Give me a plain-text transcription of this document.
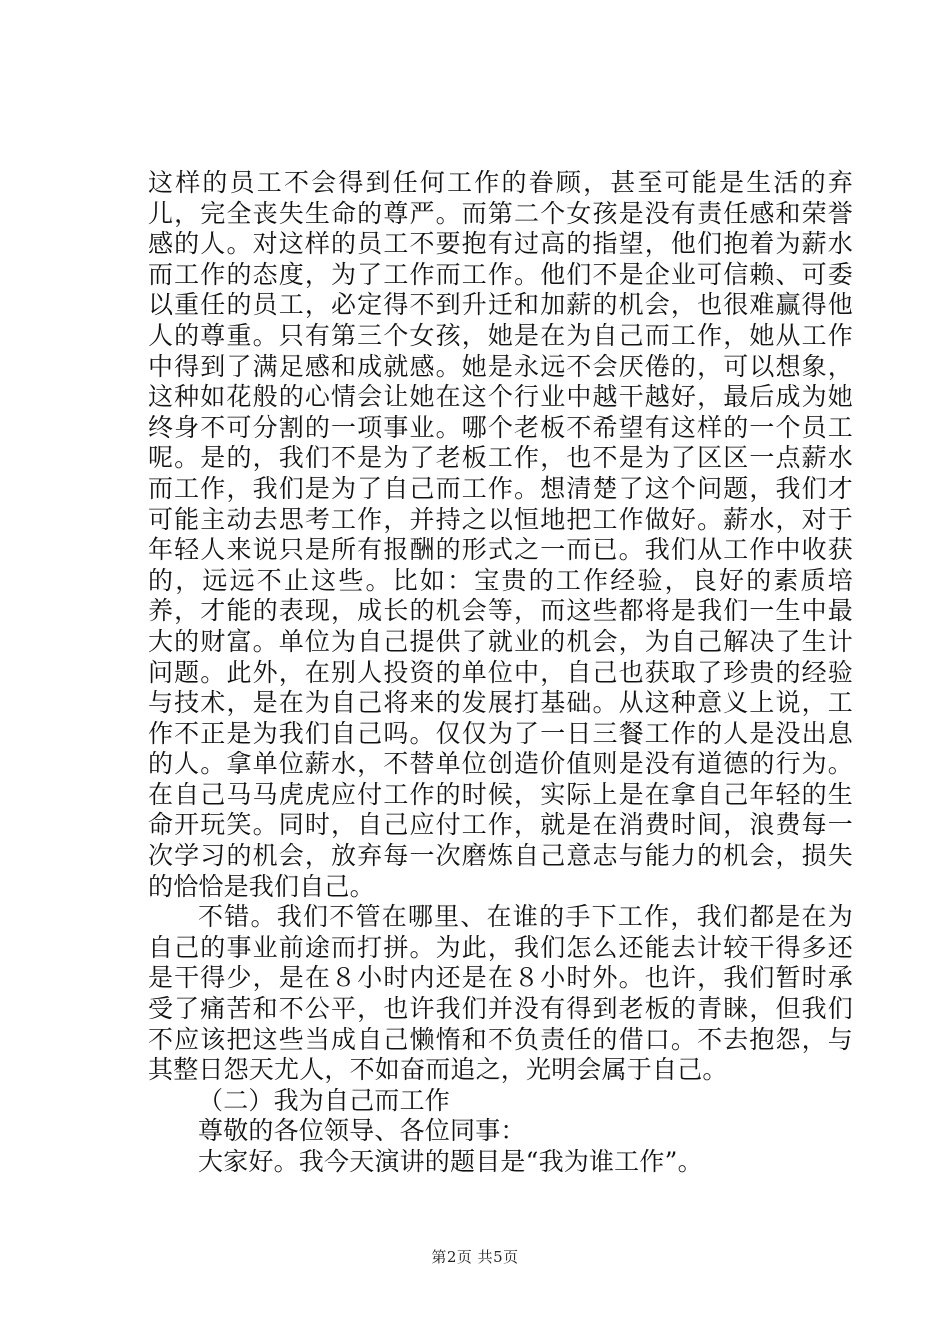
这样的员工不会得到任何工作的眷顾，甚至可能是生活的弃儿，完全丧失生命的尊严。而第二个女孩是没有责任感和荣誉感的人。对这样的员工不要抱有过高的指望，他们抱着为薪水而工作的态度，为了工作而工作。他们不是企业可信赖、可委以重任的员工，必定得不到升迁和加薪的机会，也很难赢得他人的尊重。只有第三个女孩，她是在为自己而工作，她从工作中得到了满足感和成就感。她是永远不会厌倦的，可以想象，这种如花般的心情会让她在这个行业中越干越好，最后成为她终身不可分割的一项事业。哪个老板不希望有这样的一个员工呢。是的，我们不是为了老板工作，也不是为了区区一点薪水而工作，我们是为了自己而工作。想清楚了这个问题，我们才可能主动去思考工作，并持之以恒地把工作做好。薪水，对于年轻人来说只是所有报酬的形式之一而已。我们从工作中收获的，远远不止这些。比如：宝贵的工作经验，良好的素质培养，才能的表现，成长的机会等，而这些都将是我们一生中最大的财富。单位为自己提供了就业的机会，为自己解决了生计问题。此外，在别人投资的单位中，自己也获取了珍贵的经验与技术，是在为自己将来的发展打基础。从这种意义上说，工作不正是为我们自己吗。仅仅为了一日三餐工作的人是没出息的人。拿单位薪水，不替单位创造价值则是没有道德的行为。在自己马马虎虎应付工作的时候，实际上是在拿自己年轻的生命开玩笑。同时，自己应付工作，就是在消费时间，浪费每一次学习的机会，放弃每一次磨炼自己意志与能力的机会，损失的恰恰是我们自己。

不错。我们不管在哪里、在谁的手下工作，我们都是在为自己的事业前途而打拼。为此，我们怎么还能去计较干得多还是干得少，是在８小时内还是在８小时外。也许，我们暂时承受了痛苦和不公平，也许我们并没有得到老板的青睐，但我们不应该把这些当成自己懒惰和不负责任的借口。不去抱怨，与其整日怨天尤人，不如奋而追之，光明会属于自己。

（二）我为自己而工作

尊敬的各位领导、各位同事：

大家好。我今天演讲的题目是“我为谁工作”。

第2页 共5页
